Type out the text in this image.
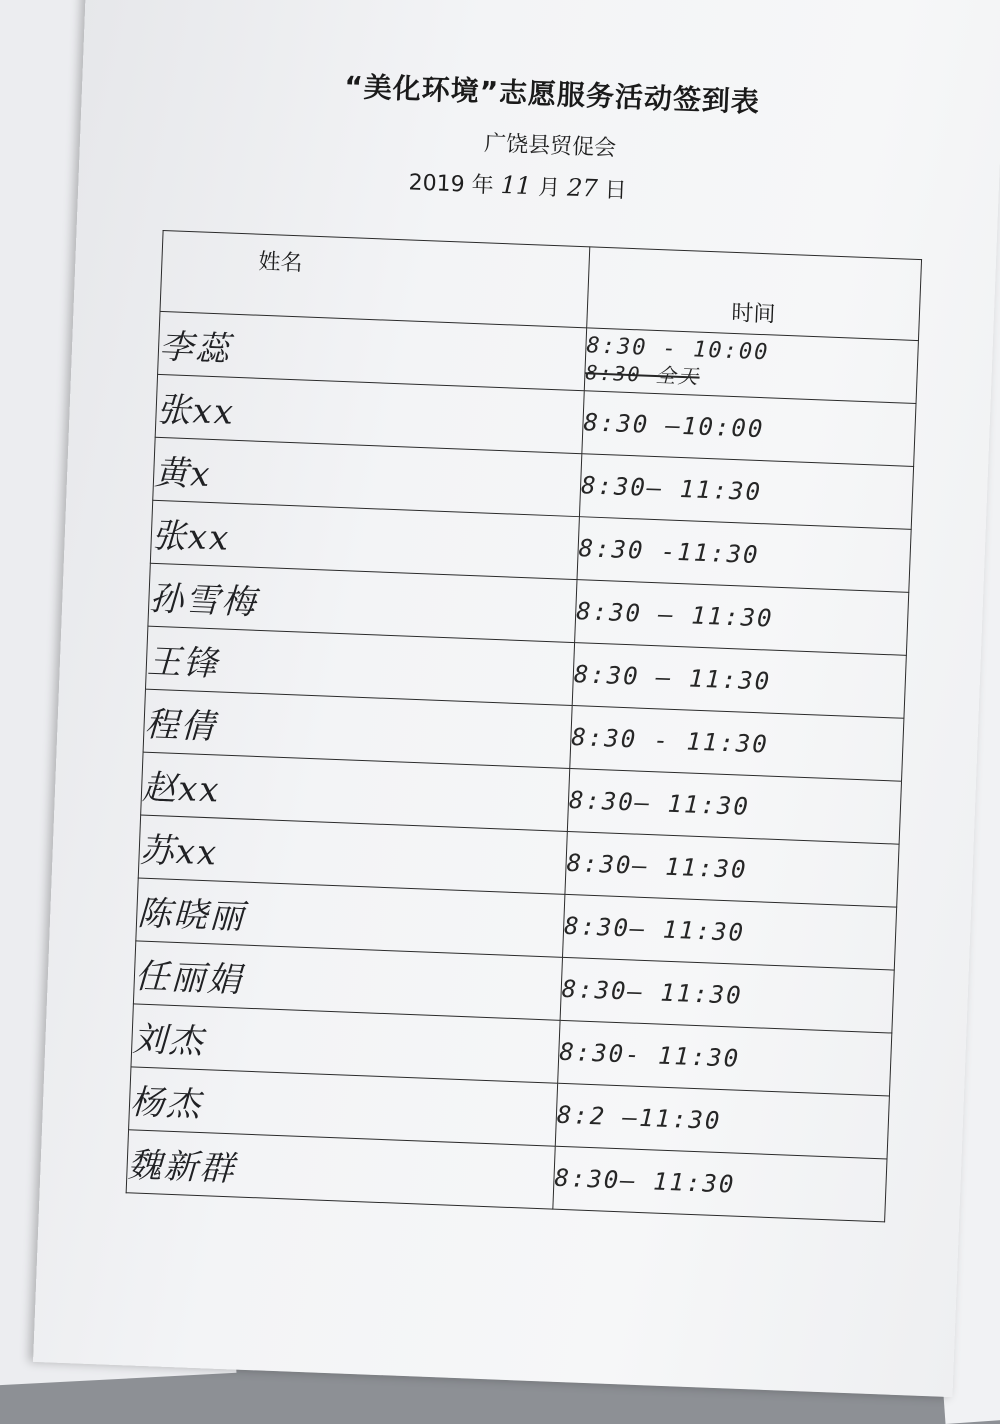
“美化环境”志愿服务活动签到表
广饶县贸促会
2019 年 11 月 27 日
姓名	时间
李蕊	8:30 - 10:00
8:30 全天

张xx	8:30 —10:00
黄x	8:30— 11:30
张xx	8:30 -11:30
孙雪梅	8:30 — 11:30
王锋	8:30 — 11:30
程倩	8:30 - 11:30
赵xx	8:30— 11:30
苏xx	8:30— 11:30
陈晓丽	8:30— 11:30
任丽娟	8:30— 11:30
刘杰	8:30- 11:30
杨杰	8:2 —11:30
魏新群	8:30— 11:30
